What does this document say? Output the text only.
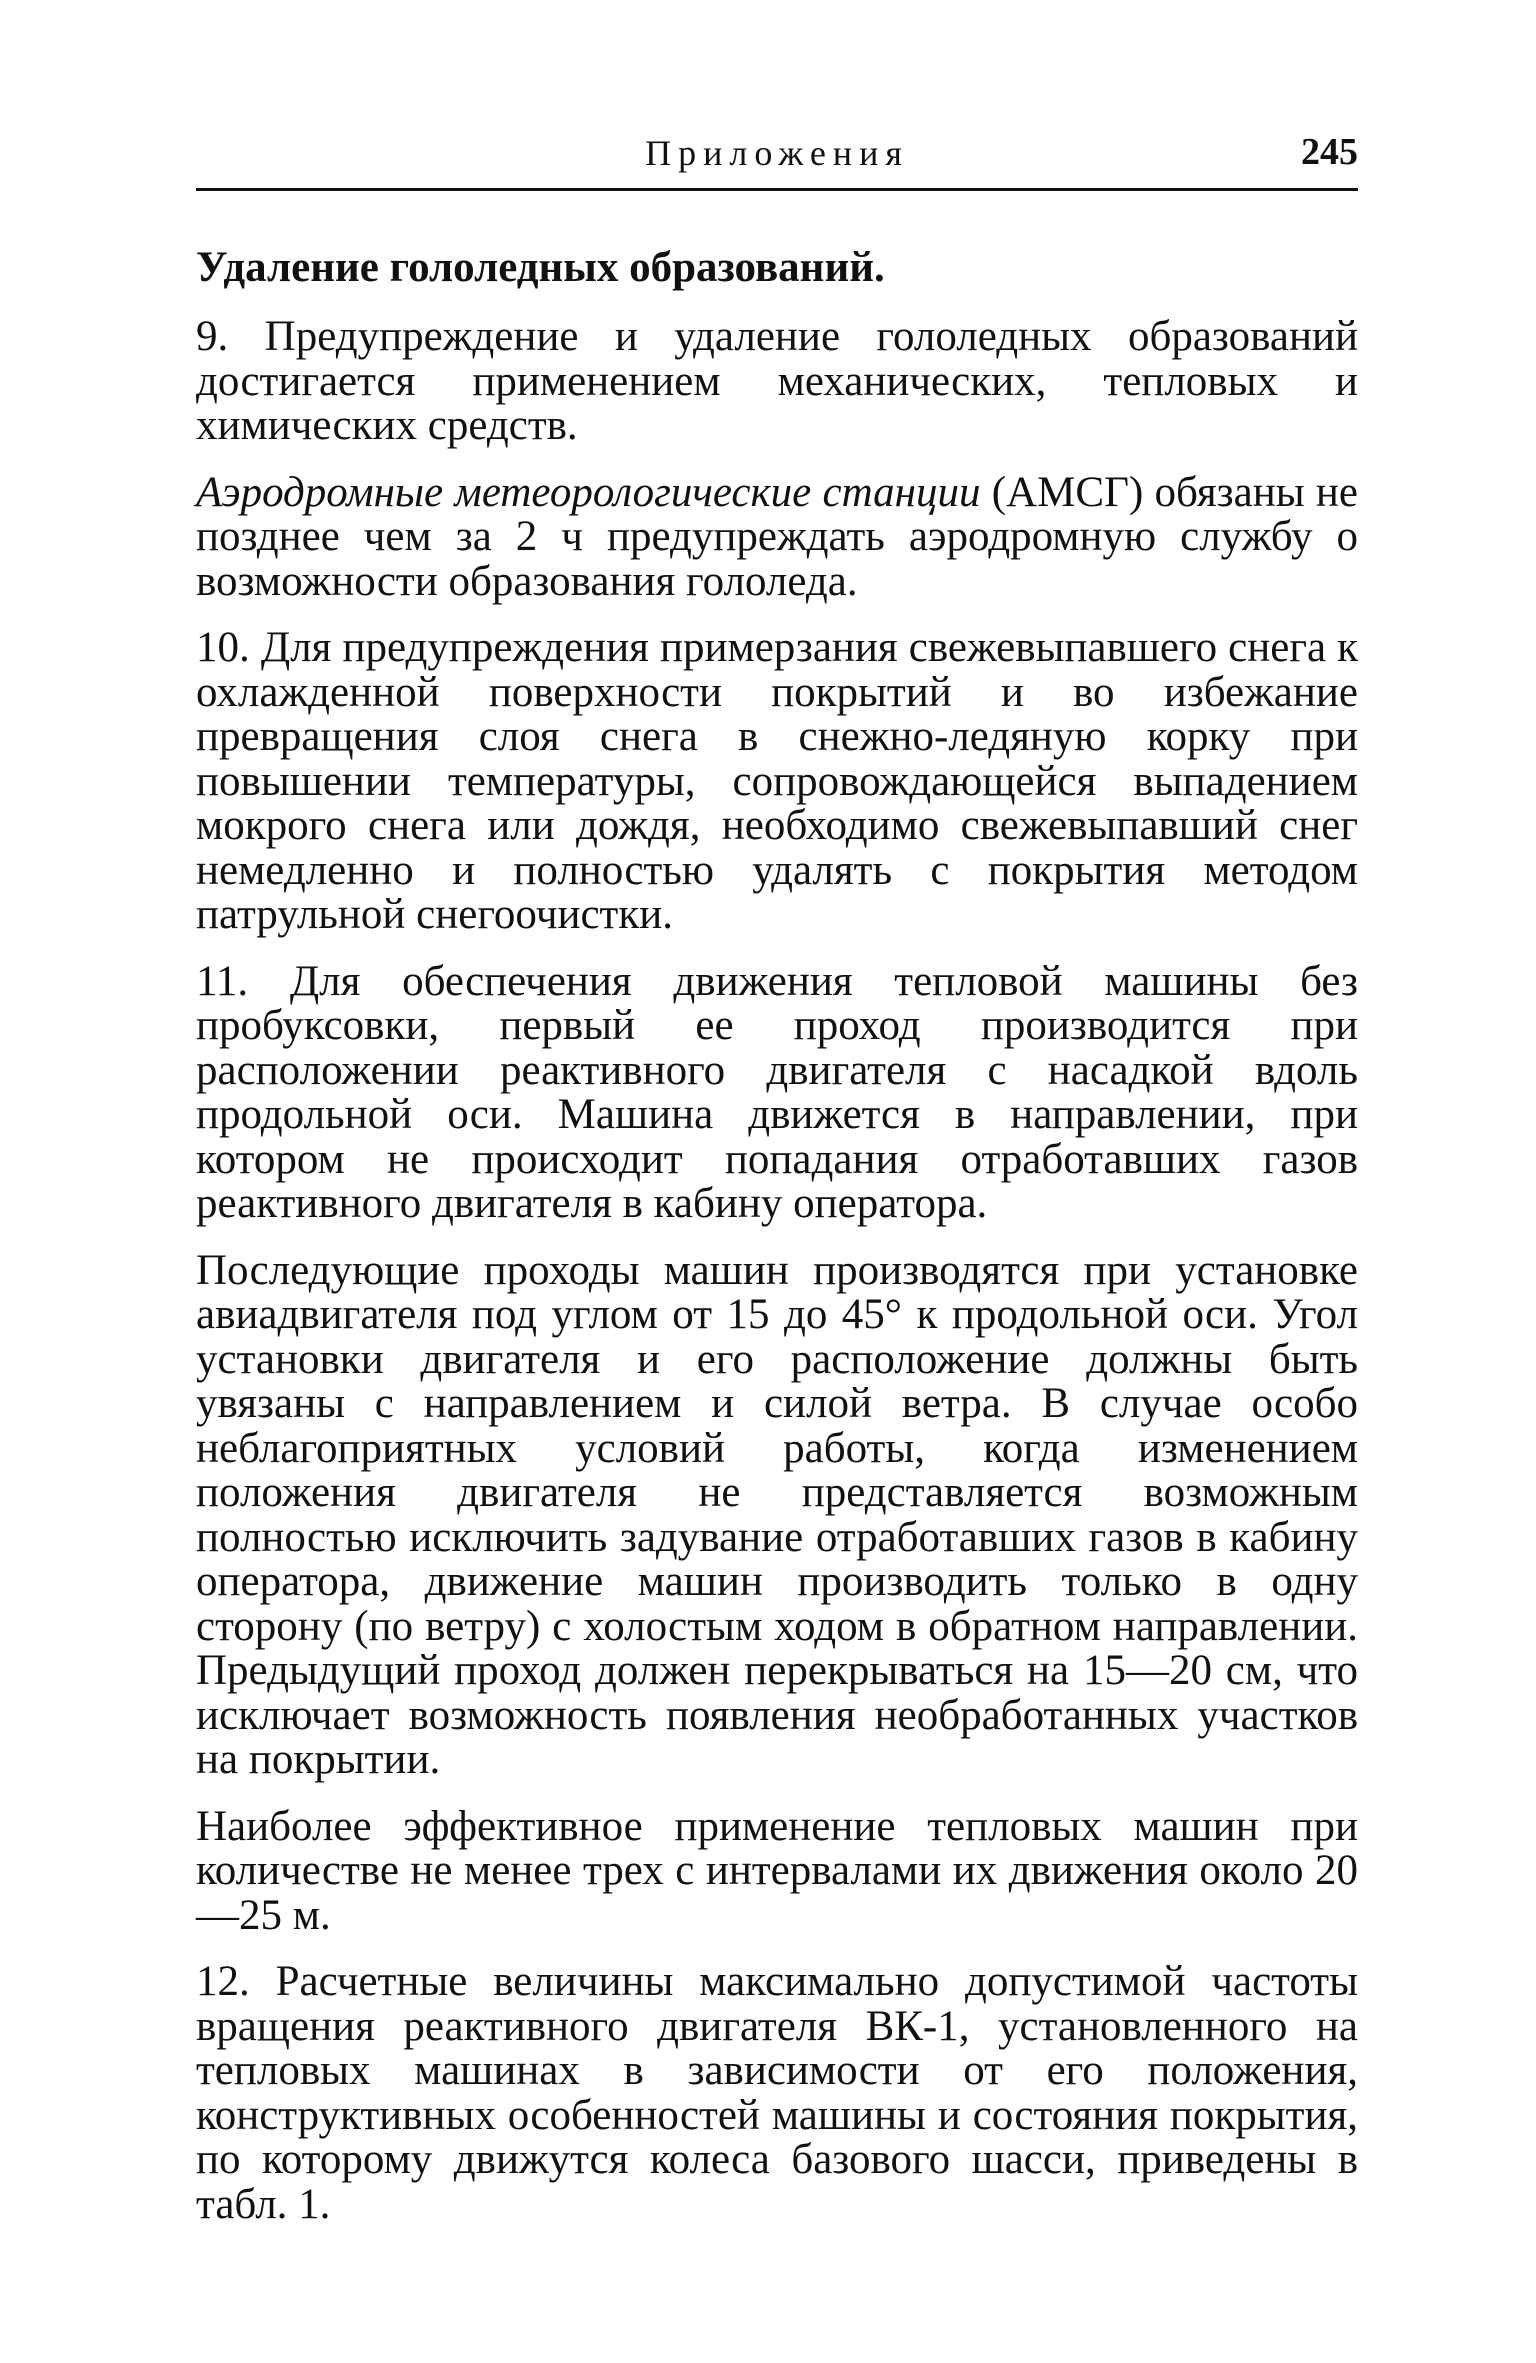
Приложения	245
Удаление гололедных образований.

9. Предупреждение и удаление гололедных образований достигается применением механических, тепловых и химических средств.

Аэродромные метеорологические станции (АМСГ) обязаны не позднее чем за 2 ч предупреждать аэродромную службу о возможности образования гололеда.

10. Для предупреждения примерзания свежевыпавшего снега к охлажденной поверхности покрытий и во избежание превращения слоя снега в снежно-ледяную корку при повышении температуры, сопровождающейся выпадением мокрого снега или дождя, необходимо свежевыпавший снег немедленно и полностью удалять с покрытия методом патрульной снегоочистки.

11. Для обеспечения движения тепловой машины без пробуксовки, первый ее проход производится при расположении реактивного двигателя с насадкой вдоль продольной оси. Машина движется в направлении, при котором не происходит попадания отработавших газов реактивного двигателя в кабину оператора.

Последующие проходы машин производятся при установке авиадвигателя под углом от 15 до 45° к продольной оси. Угол установки двигателя и его расположение должны быть увязаны с направлением и силой ветра. В случае особо неблагоприятных условий работы, когда изменением положения двигателя не представляется возможным полностью исключить задувание отработавших газов в кабину оператора, движение машин производить только в одну сторону (по ветру) с холостым ходом в обратном направлении. Предыдущий проход должен перекрываться на 15—20 см, что исключает возможность появления необработанных участков на покрытии.

Наиболее эффективное применение тепловых машин при количестве не менее трех с интервалами их движения около 20—25 м.

12. Расчетные величины максимально допустимой частоты вращения реактивного двигателя ВК-1, установленного на тепловых машинах в зависимости от его положения, конструктивных особенностей машины и состояния покрытия, по которому движутся колеса базового шасси, приведены в табл. 1.
